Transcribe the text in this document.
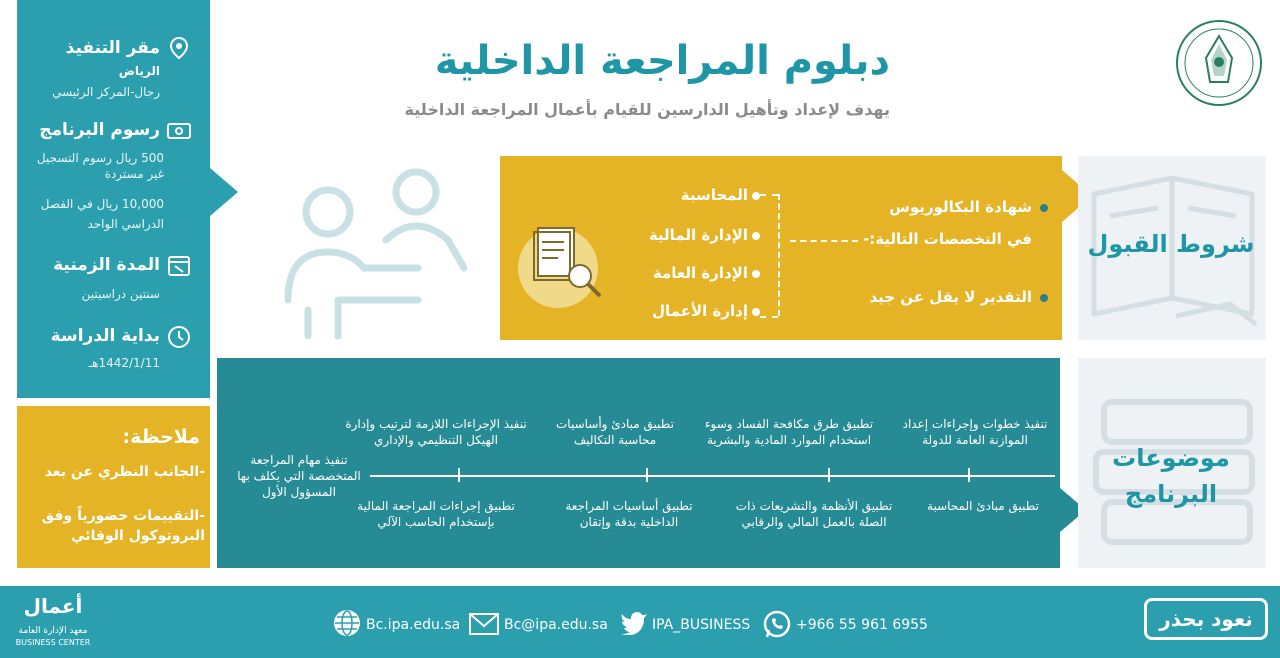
دبلوم المراجعة الداخلية
يهدف لإعداد وتأهيل الدارسين للقيام بأعمال المراجعة الداخلية
مقر التنفيذ
الرياض
رجال-المركز الرئيسي
رسوم البرنامج
500 ريال رسوم التسجيل غير مستردة
10,000 ريال في الفصل الدراسي الواحد
المدة الزمنية
سنتين دراسيتين
بداية الدراسة
1442/1/11هـ
ملاحظة:
-الجانب النظري عن بعد
-التقييمات حضورياً وفق البروتوكول الوقائي
المحاسبة
الإدارة المالية
الإدارة العامة
إدارة الأعمال
شهادة البكالوريوس
في التخصصات التالية:-
التقدير لا يقل عن جيد
شروط القبول
موضوعات
البرنامج
تنفيذ خطوات وإجراءات إعداد الموازنة العامة للدولة
تطبيق طرق مكافحة الفساد وسوء استخدام الموارد المادية والبشرية
تطبيق مبادئ وأساسيات محاسبة التكاليف
تنفيذ الإجراءات اللازمة لترتيب وإدارة الهيكل التنظيمي والإداري
تطبيق مبادئ المحاسبة
تطبيق الأنظمة والتشريعات ذات الصلة بالعمل المالي والرقابي
تطبيق أساسيات المراجعة الداخلية بدقة وإتقان
تطبيق إجراءات المراجعة المالية بإستخدام الحاسب الآلي
تنفيذ مهام المراجعة المتخصصة التي يكلف بها المسؤول الأول
أعمال
معهد الإدارة العامة
BUSINESS CENTER
Bc.ipa.edu.sa	Bc@ipa.edu.sa	IPA_BUSINESS	+966 55 961 6955	نعود بحذر
